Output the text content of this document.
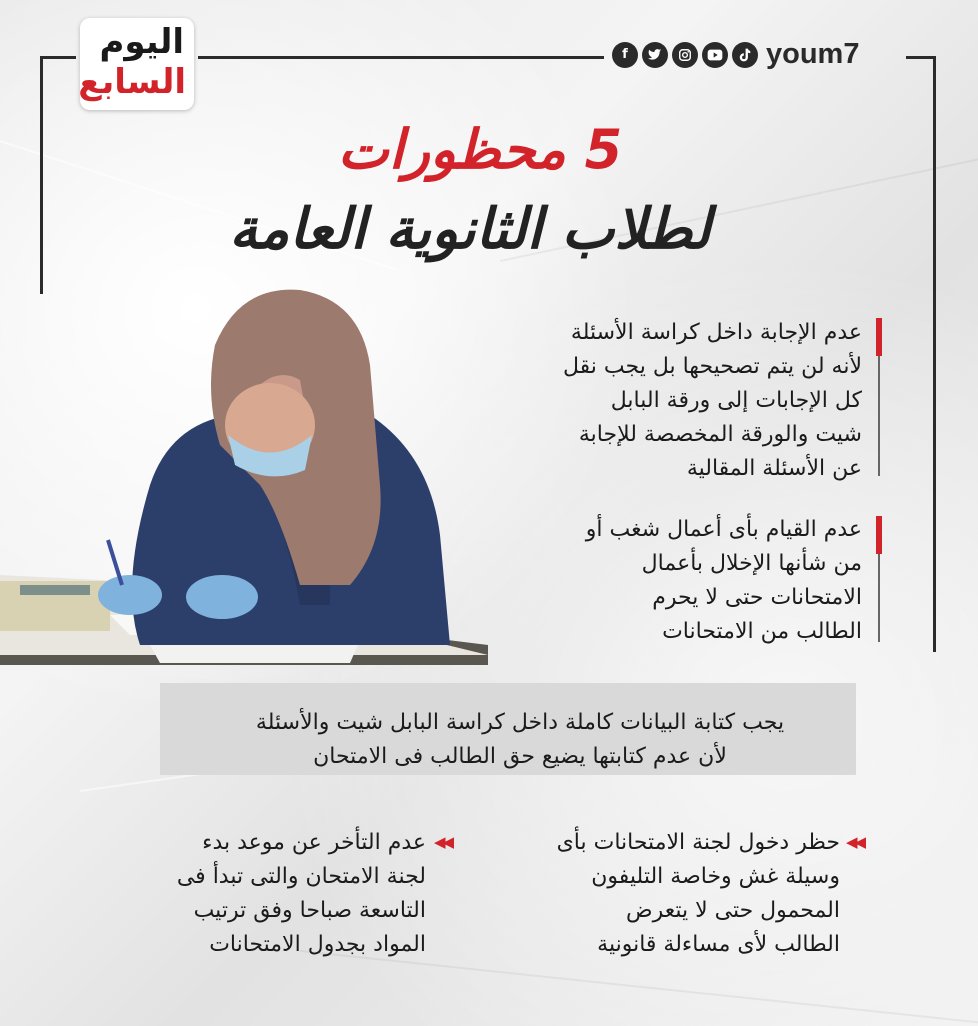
اليوم
السابع
f	youm7
5 محظورات
لطلاب الثانوية العامة

عدم الإجابة داخل كراسة الأسئلة

لأنه لن يتم تصحيحها بل يجب نقل

كل الإجابات إلى ورقة البابل

شيت والورقة المخصصة للإجابة

عن الأسئلة المقالية

عدم القيام بأى أعمال شغب أو

من شأنها الإخلال بأعمال

الامتحانات حتى لا يحرم

الطالب من الامتحانات

يجب كتابة البيانات كاملة داخل كراسة البابل شيت والأسئلة

لأن عدم كتابتها يضيع حق الطالب فى الامتحان

◀◀

حظر دخول لجنة الامتحانات بأى

وسيلة غش وخاصة التليفون

المحمول حتى لا يتعرض

الطالب لأى مساءلة قانونية

◀◀

عدم التأخر عن موعد بدء

لجنة الامتحان والتى تبدأ فى

التاسعة صباحا وفق ترتيب

المواد بجدول الامتحانات
